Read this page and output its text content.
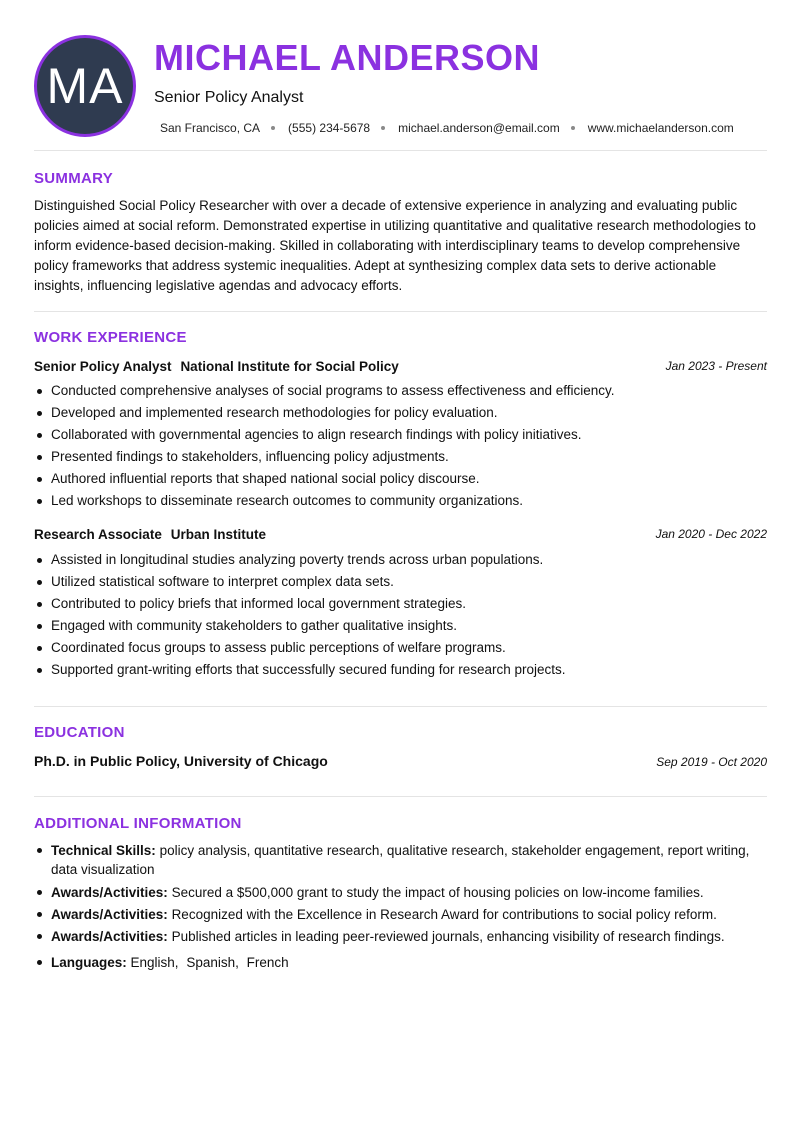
MA
MICHAEL ANDERSON
Senior Policy Analyst
San Francisco, CA (555) 234-5678 michael.anderson@email.com www.michaelanderson.com
SUMMARY

Distinguished Social Policy Researcher with over a decade of extensive experience in analyzing and evaluating public policies aimed at social reform. Demonstrated expertise in utilizing quantitative and qualitative research methodologies to inform evidence-based decision-making. Skilled in collaborating with interdisciplinary teams to develop comprehensive policy frameworks that address systemic inequalities. Adept at synthesizing complex data sets to derive actionable insights, influencing legislative agendas and advocacy efforts.

WORK EXPERIENCE
Senior Policy Analyst National Institute for Social Policy	Jan 2023 - Present
Conducted comprehensive analyses of social programs to assess effectiveness and efficiency.
Developed and implemented research methodologies for policy evaluation.
Collaborated with governmental agencies to align research findings with policy initiatives.
Presented findings to stakeholders, influencing policy adjustments.
Authored influential reports that shaped national social policy discourse.
Led workshops to disseminate research outcomes to community organizations.
Research Associate Urban Institute	Jan 2020 - Dec 2022
Assisted in longitudinal studies analyzing poverty trends across urban populations.
Utilized statistical software to interpret complex data sets.
Contributed to policy briefs that informed local government strategies.
Engaged with community stakeholders to gather qualitative insights.
Coordinated focus groups to assess public perceptions of welfare programs.
Supported grant-writing efforts that successfully secured funding for research projects.
EDUCATION
Ph.D. in Public Policy, University of Chicago	Sep 2019 - Oct 2020
ADDITIONAL INFORMATION
Technical Skills: policy analysis, quantitative research, qualitative research, stakeholder engagement, report writing, data visualization
Awards/Activities: Secured a $500,000 grant to study the impact of housing policies on low-income families.
Awards/Activities: Recognized with the Excellence in Research Award for contributions to social policy reform.
Awards/Activities: Published articles in leading peer-reviewed journals, enhancing visibility of research findings.
Languages: English, Spanish, French
